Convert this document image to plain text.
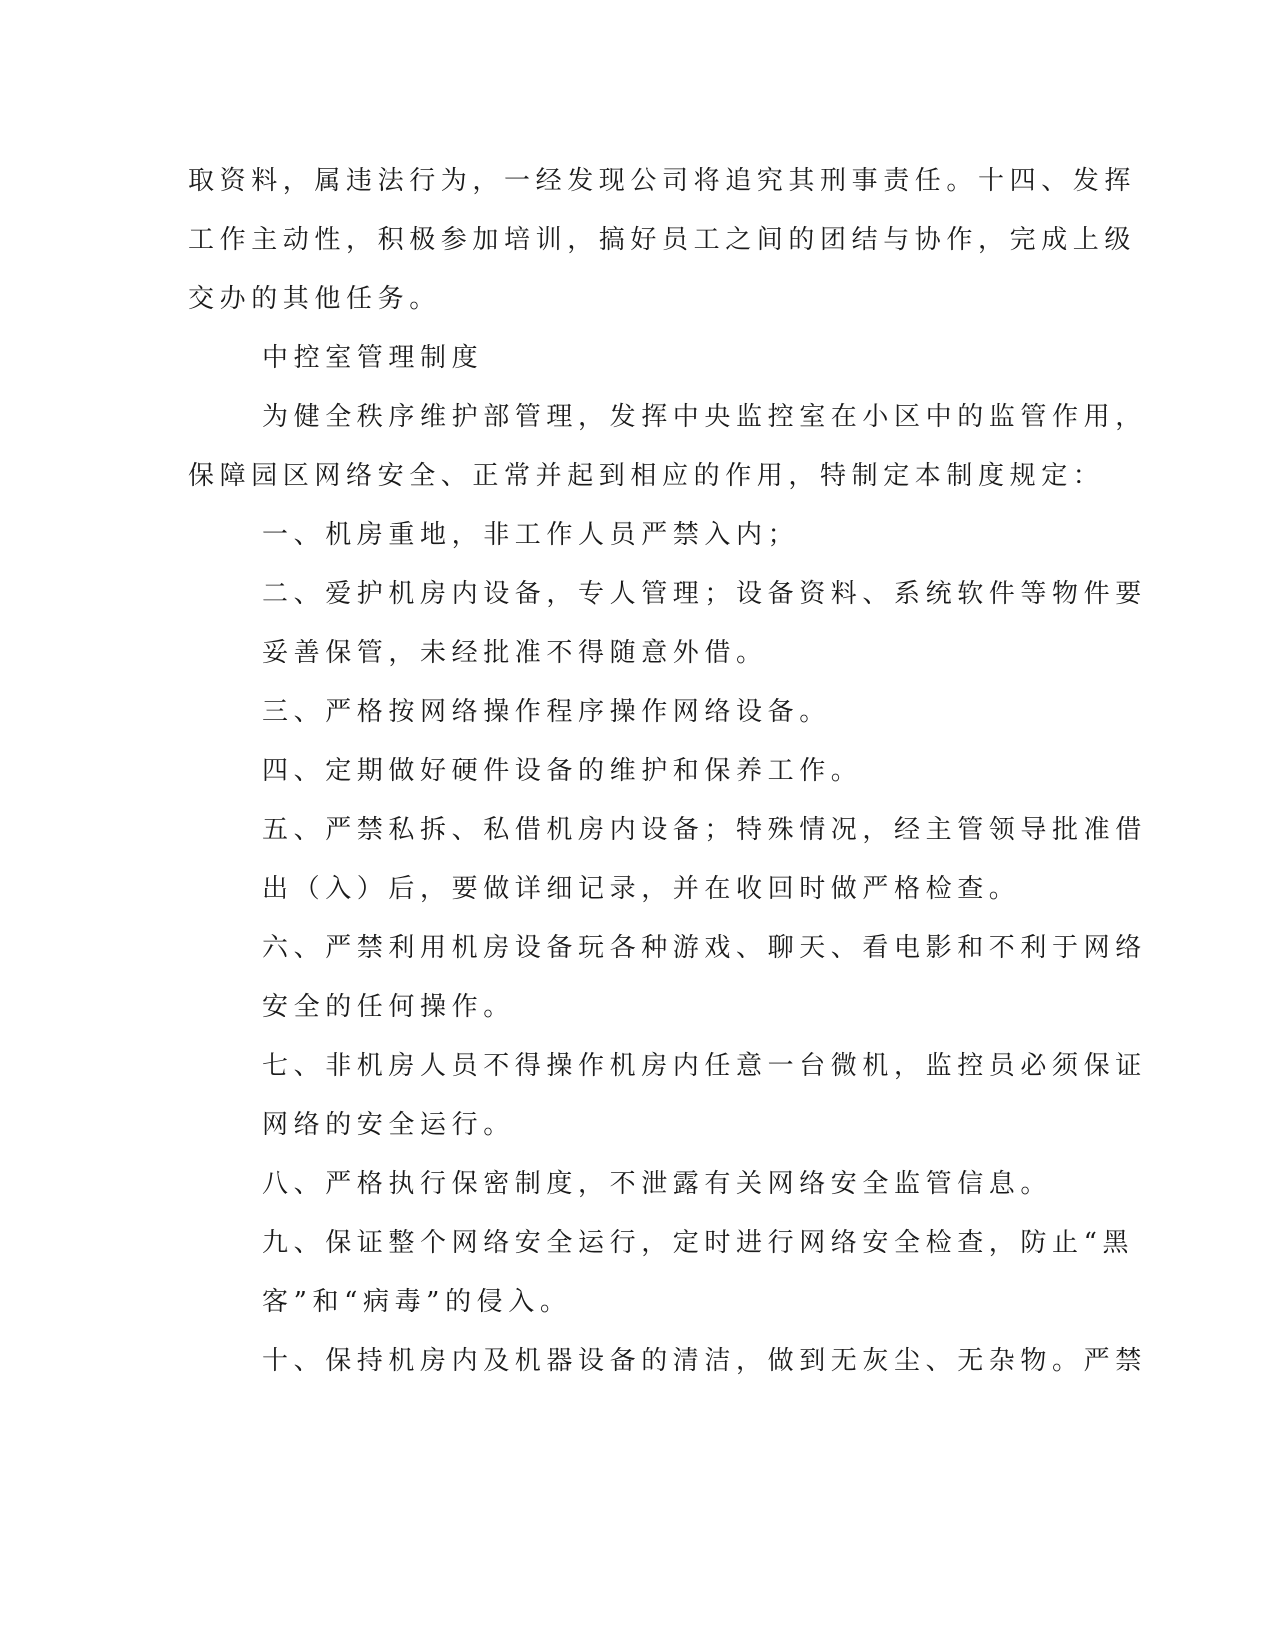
取资料，属违法行为，一经发现公司将追究其刑事责任。十四、发挥
工作主动性，积极参加培训，搞好员工之间的团结与协作，完成上级
交办的其他任务。
中控室管理制度
为健全秩序维护部管理，发挥中央监控室在小区中的监管作用，
保障园区网络安全、正常并起到相应的作用，特制定本制度规定：
一、机房重地，非工作人员严禁入内；
二、爱护机房内设备，专人管理；设备资料、系统软件等物件要
妥善保管，未经批准不得随意外借。
三、严格按网络操作程序操作网络设备。
四、定期做好硬件设备的维护和保养工作。
五、严禁私拆、私借机房内设备；特殊情况，经主管领导批准借
出（入）后，要做详细记录，并在收回时做严格检查。
六、严禁利用机房设备玩各种游戏、聊天、看电影和不利于网络
安全的任何操作。
七、非机房人员不得操作机房内任意一台微机，监控员必须保证
网络的安全运行。
八、严格执行保密制度，不泄露有关网络安全监管信息。
九、保证整个网络安全运行，定时进行网络安全检查，防止“黑
客”和“病毒”的侵入。
十、保持机房内及机器设备的清洁，做到无灰尘、无杂物。严禁
